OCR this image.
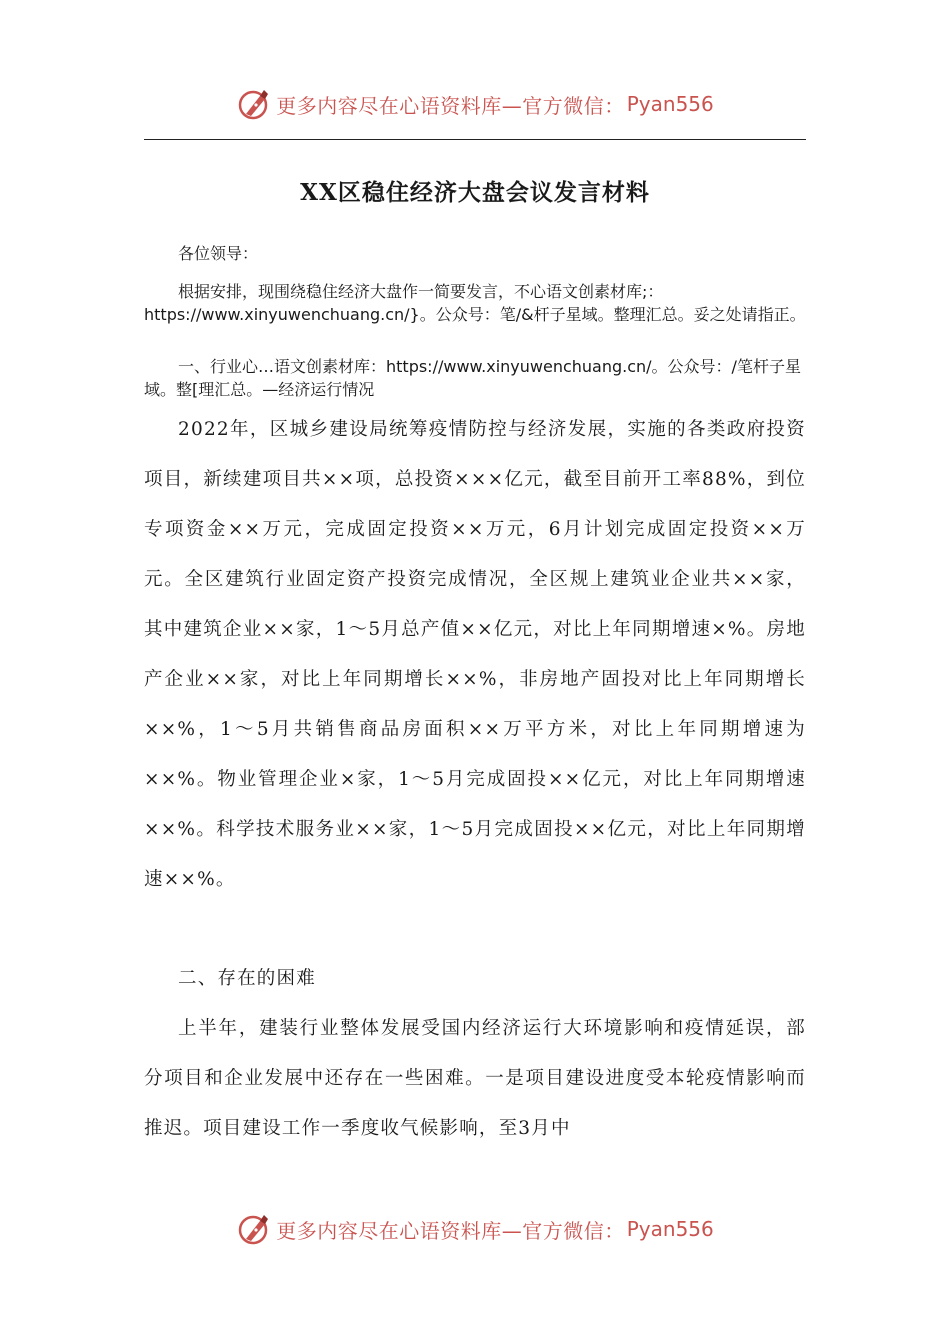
更多内容尽在心语资料库—官方微信： Pyan556
XX区稳住经济大盘会议发言材料
各位领导：
根据安排，现围绕稳住经济大盘作一简要发言，不心语文创素材库;：https://www.xinyuwenchuang.cn/}。公众号：笔/&杆子星域。整理汇总。妥之处请指正。
一、行业心…语文创素材库：https://www.xinyuwenchuang.cn/。公众号：/笔杆子星域。整[理汇总。—经济运行情况
2022年，区城乡建设局统筹疫情防控与经济发展，实施的各类政府投资项目，新续建项目共××项，总投资×××亿元，截至目前开工率88%，到位专项资金××万元，完成固定投资××万元，6月计划完成固定投资××万元。全区建筑行业固定资产投资完成情况，全区规上建筑业企业共××家，其中建筑企业××家，1～5月总产值××亿元，对比上年同期增速×%。房地产企业××家，对比上年同期增长××%，非房地产固投对比上年同期增长××%，1～5月共销售商品房面积××万平方米，对比上年同期增速为××%。物业管理企业×家，1～5月完成固投××亿元，对比上年同期增速××%。科学技术服务业××家，1～5月完成固投××亿元，对比上年同期增速××%。
二、存在的困难
上半年，建装行业整体发展受国内经济运行大环境影响和疫情延误，部分项目和企业发展中还存在一些困难。一是项目建设进度受本轮疫情影响而推迟。项目建设工作一季度收气候影响，至3月中
更多内容尽在心语资料库—官方微信： Pyan556
